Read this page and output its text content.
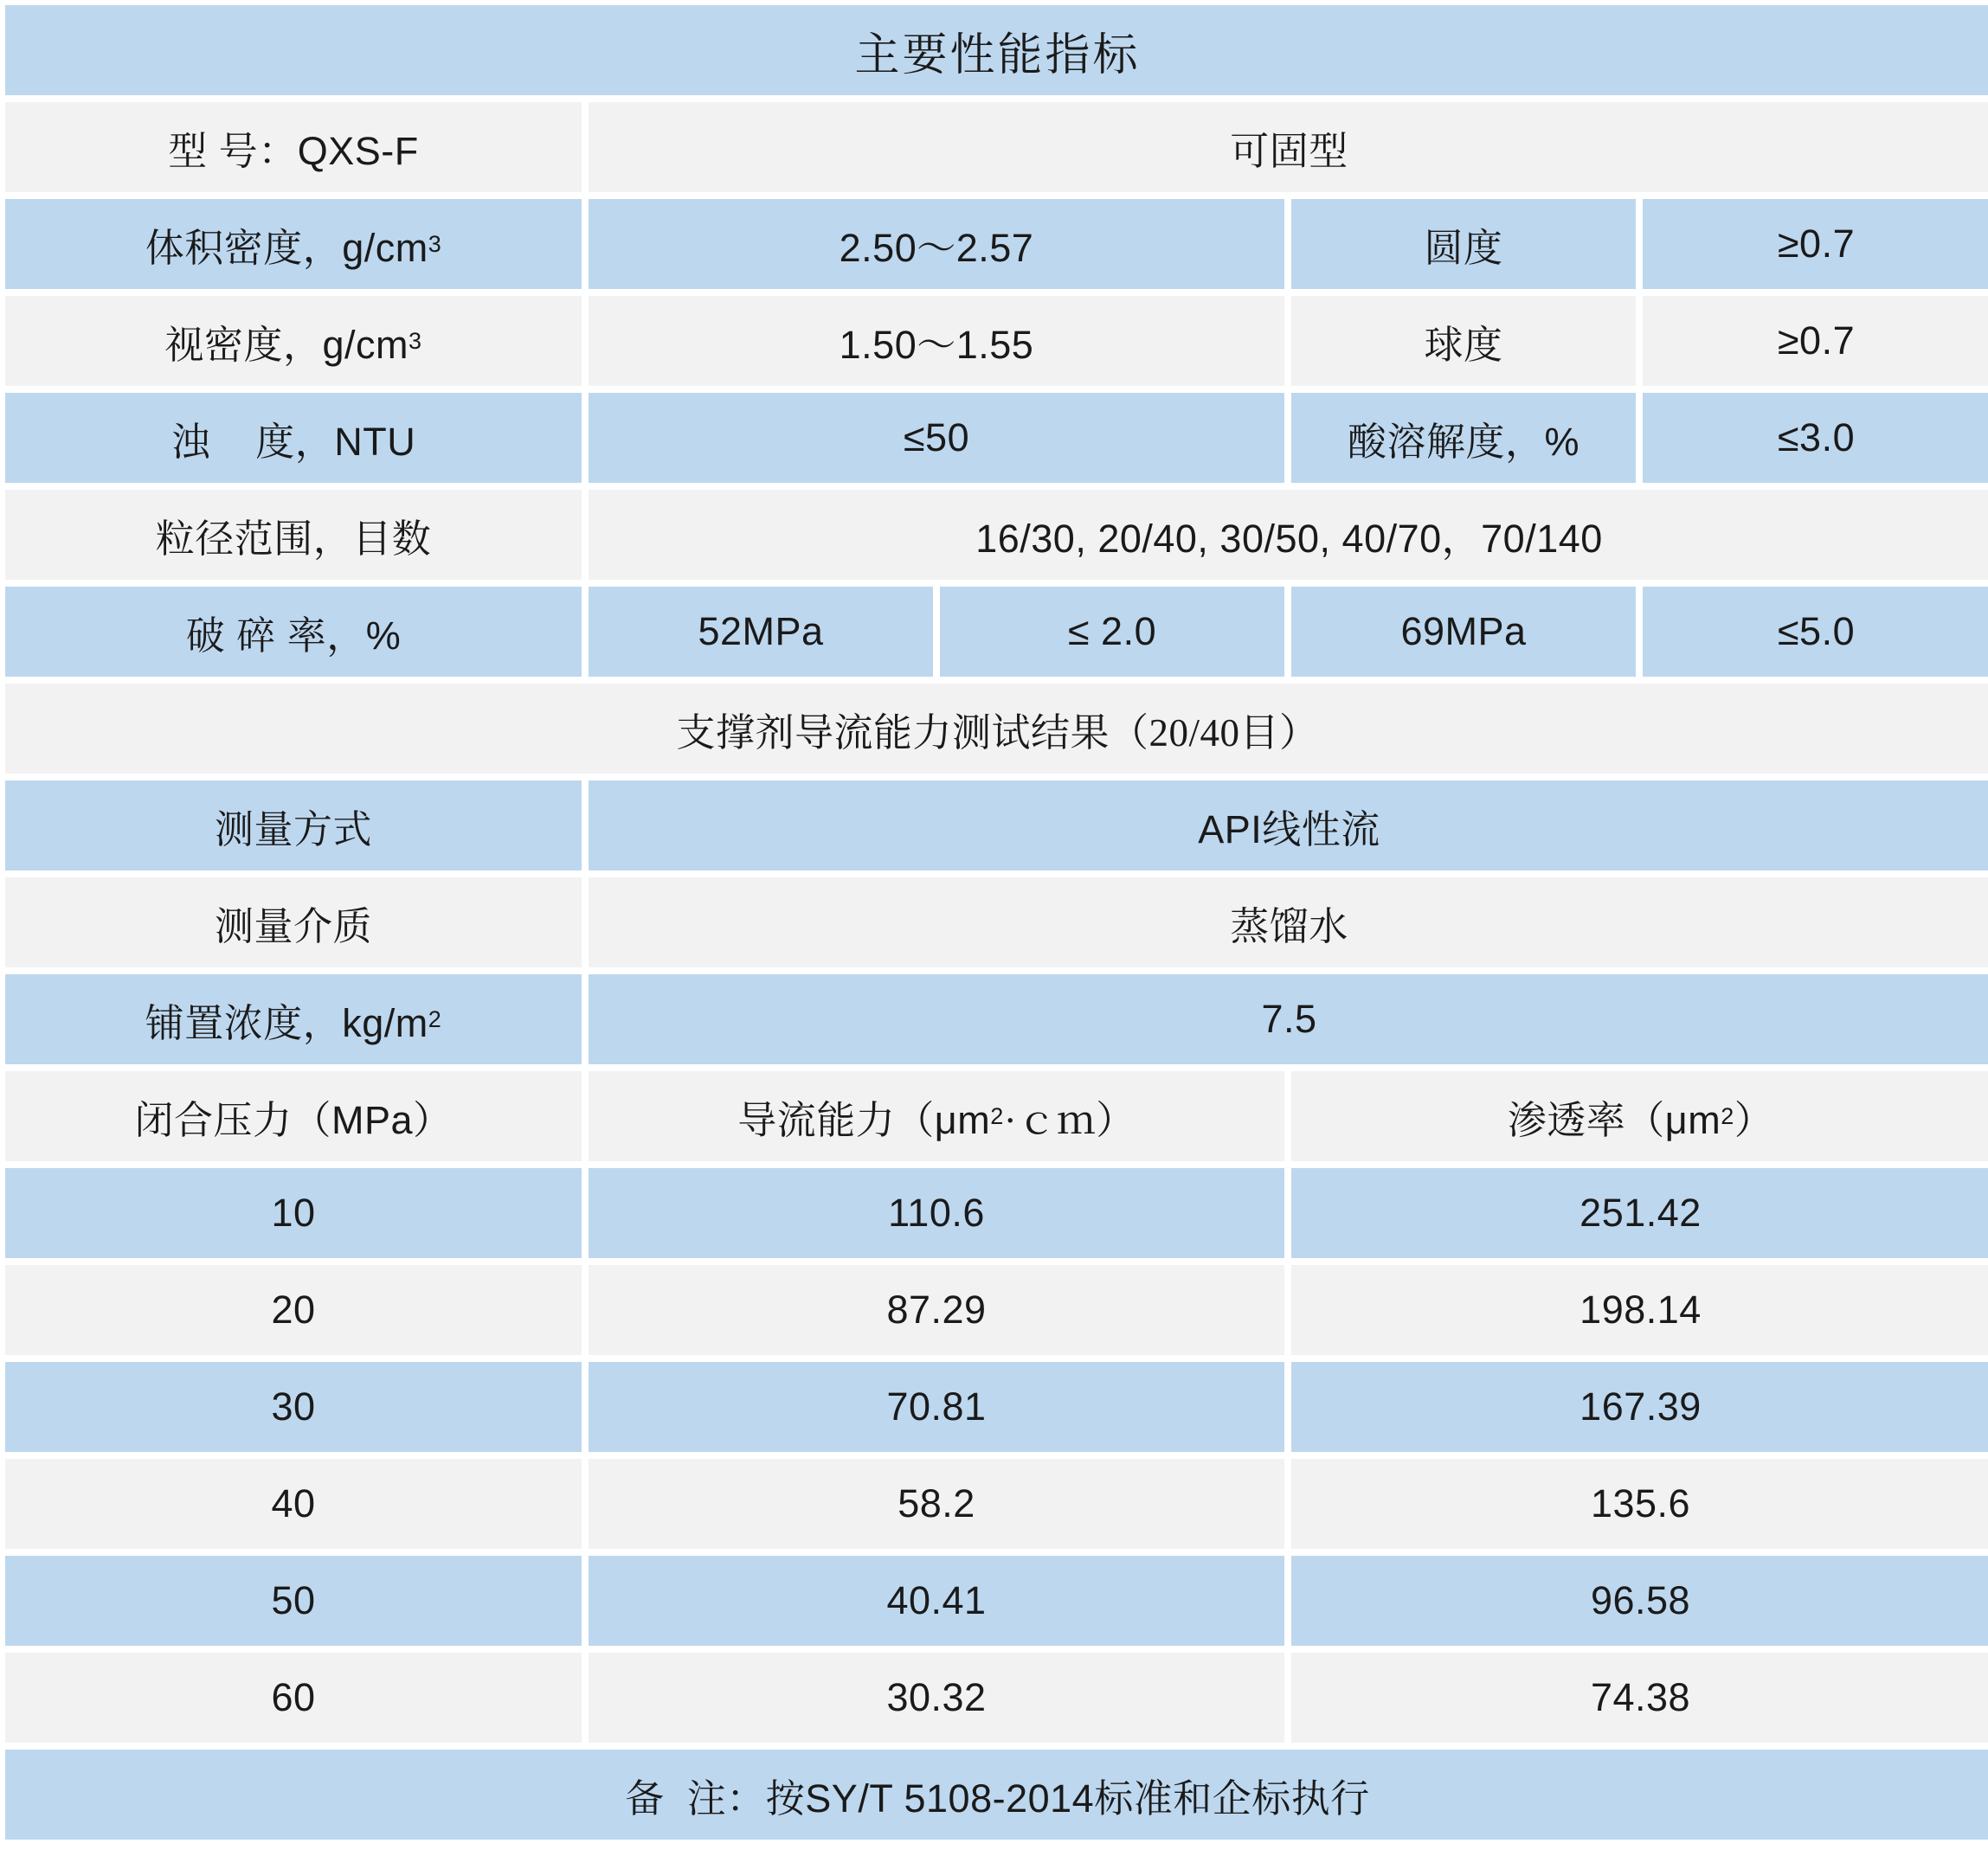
主要性能指标
型 号：QXS-F	可固型
体积密度，g/cm 3	2.50～2.57	圆度	≥0.7
视密度，g/cm 3	1.50～1.55	球度	≥0.7
浊    度，NTU	≤50	酸溶解度，%	≤3.0
粒径范围，目数	16/30, 20/40, 30/50, 40/70，70/140
破 碎 率，%	52MPa	≤ 2.0	69MPa	≤5.0
支撑剂导流能力测试结果（20/40目）
测量方式	API线性流
测量介质	蒸馏水
铺置浓度，kg/m 2	7.5
闭合压力（MPa）	导流能力（μm 2 ·ｃｍ）	渗透率（μm 2 ）
10	110.6	251.42
20	87.29	198.14
30	70.81	167.39
40	58.2	135.6
50	40.41	96.58
60	30.32	74.38
备  注：按SY/T 5108-2014标准和企标执行
